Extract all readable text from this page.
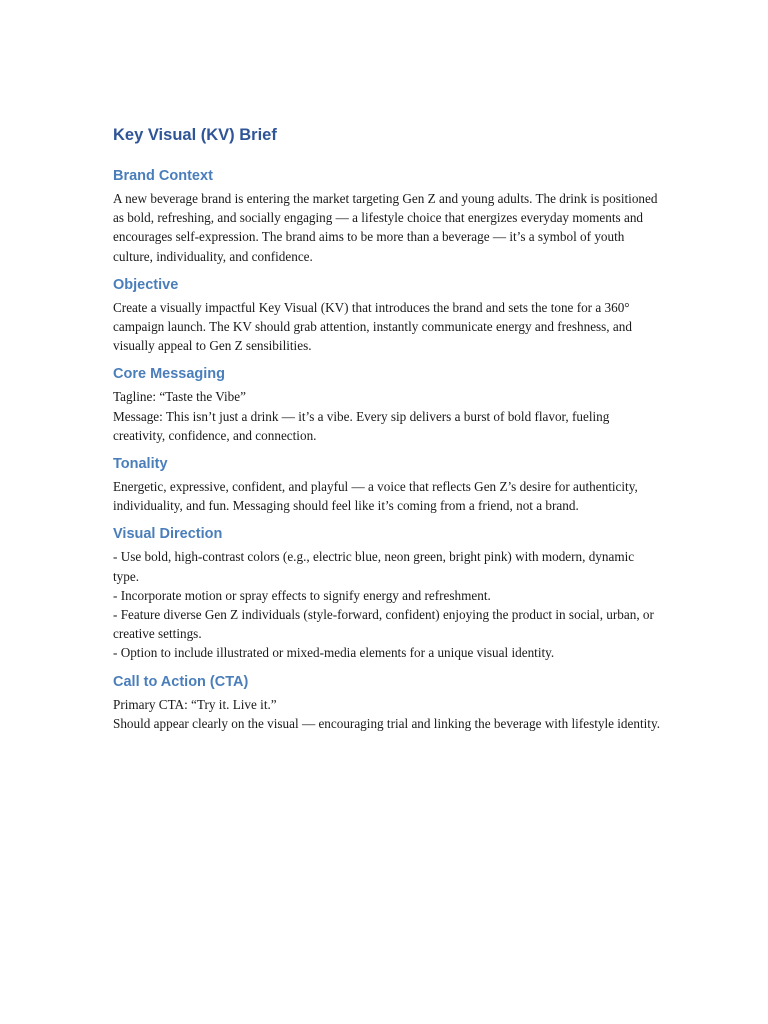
Key Visual (KV) Brief
Brand Context

A new beverage brand is entering the market targeting Gen Z and young adults. The drink is positioned as bold, refreshing, and socially engaging — a lifestyle choice that energizes everyday moments and encourages self-expression. The brand aims to be more than a beverage — it’s a symbol of youth culture, individuality, and confidence.

Objective

Create a visually impactful Key Visual (KV) that introduces the brand and sets the tone for a 360° campaign launch. The KV should grab attention, instantly communicate energy and freshness, and visually appeal to Gen Z sensibilities.

Core Messaging
Tagline: “Taste the Vibe”
Message: This isn’t just a drink — it’s a vibe. Every sip delivers a burst of bold flavor, fueling creativity, confidence, and connection.
Tonality

Energetic, expressive, confident, and playful — a voice that reflects Gen Z’s desire for authenticity, individuality, and fun. Messaging should feel like it’s coming from a friend, not a brand.

Visual Direction
- Use bold, high-contrast colors (e.g., electric blue, neon green, bright pink) with modern, dynamic type.
- Incorporate motion or spray effects to signify energy and refreshment.
- Feature diverse Gen Z individuals (style-forward, confident) enjoying the product in social, urban, or creative settings.
- Option to include illustrated or mixed-media elements for a unique visual identity.
Call to Action (CTA)
Primary CTA: “Try it. Live it.”
Should appear clearly on the visual — encouraging trial and linking the beverage with lifestyle identity.
